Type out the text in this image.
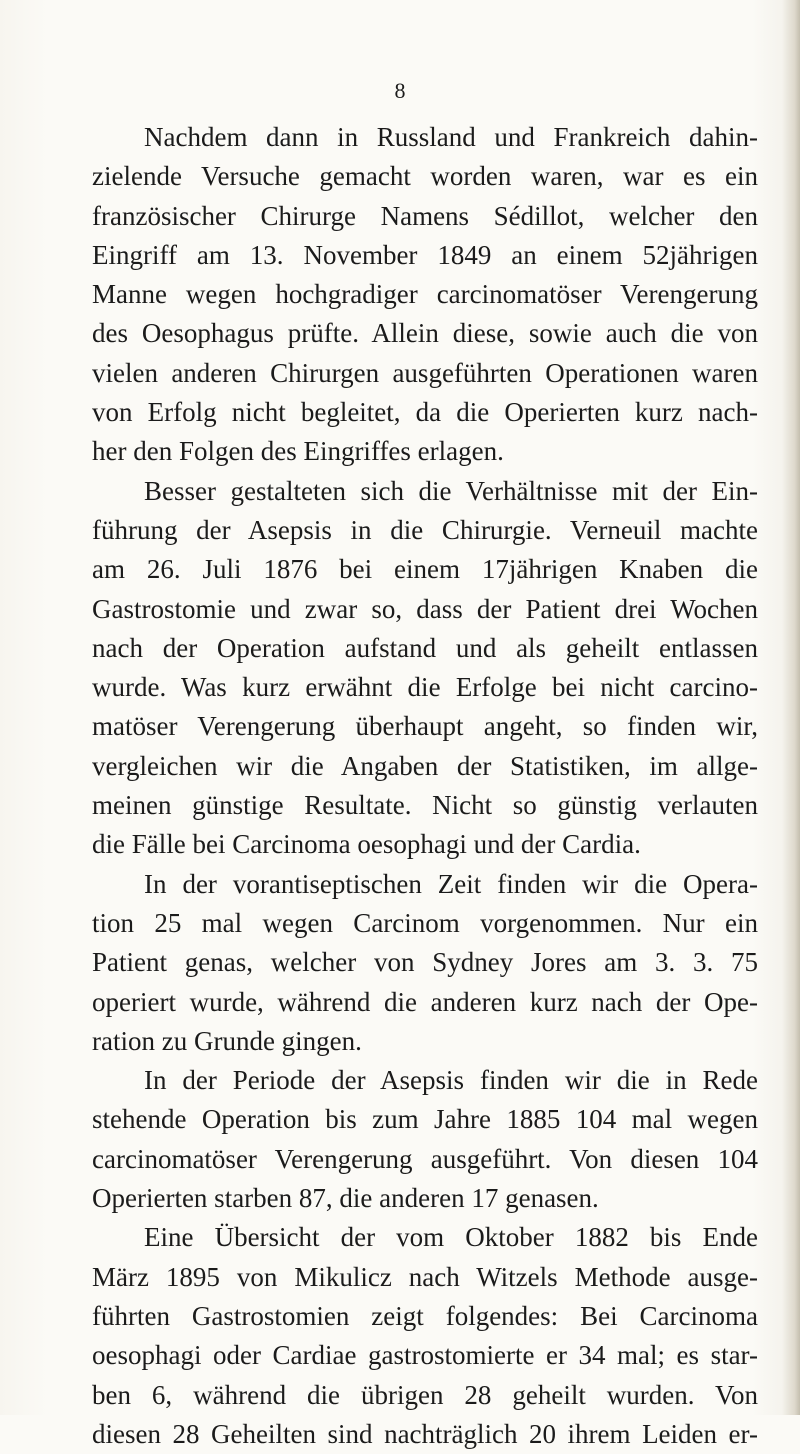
8
Nachdem dann in Russland und Frankreich dahin-
zielende Versuche gemacht worden waren, war es ein
französischer Chirurge Namens Sédillot, welcher den
Eingriff am 13. November 1849 an einem 52jährigen
Manne wegen hochgradiger carcinomatöser Verengerung
des Oesophagus prüfte. Allein diese, sowie auch die von
vielen anderen Chirurgen ausgeführten Operationen waren
von Erfolg nicht begleitet, da die Operierten kurz nach-
her den Folgen des Eingriffes erlagen.
Besser gestalteten sich die Verhältnisse mit der Ein-
führung der Asepsis in die Chirurgie. Verneuil machte
am 26. Juli 1876 bei einem 17jährigen Knaben die
Gastrostomie und zwar so, dass der Patient drei Wochen
nach der Operation aufstand und als geheilt entlassen
wurde. Was kurz erwähnt die Erfolge bei nicht carcino-
matöser Verengerung überhaupt angeht, so finden wir,
vergleichen wir die Angaben der Statistiken, im allge-
meinen günstige Resultate. Nicht so günstig verlauten
die Fälle bei Carcinoma oesophagi und der Cardia.
In der vorantiseptischen Zeit finden wir die Opera-
tion 25 mal wegen Carcinom vorgenommen. Nur ein
Patient genas, welcher von Sydney Jores am 3. 3. 75
operiert wurde, während die anderen kurz nach der Ope-
ration zu Grunde gingen.
In der Periode der Asepsis finden wir die in Rede
stehende Operation bis zum Jahre 1885 104 mal wegen
carcinomatöser Verengerung ausgeführt. Von diesen 104
Operierten starben 87, die anderen 17 genasen.
Eine Übersicht der vom Oktober 1882 bis Ende
März 1895 von Mikulicz nach Witzels Methode ausge-
führten Gastrostomien zeigt folgendes: Bei Carcinoma
oesophagi oder Cardiae gastrostomierte er 34 mal; es star-
ben 6, während die übrigen 28 geheilt wurden. Von
diesen 28 Geheilten sind nachträglich 20 ihrem Leiden er-
